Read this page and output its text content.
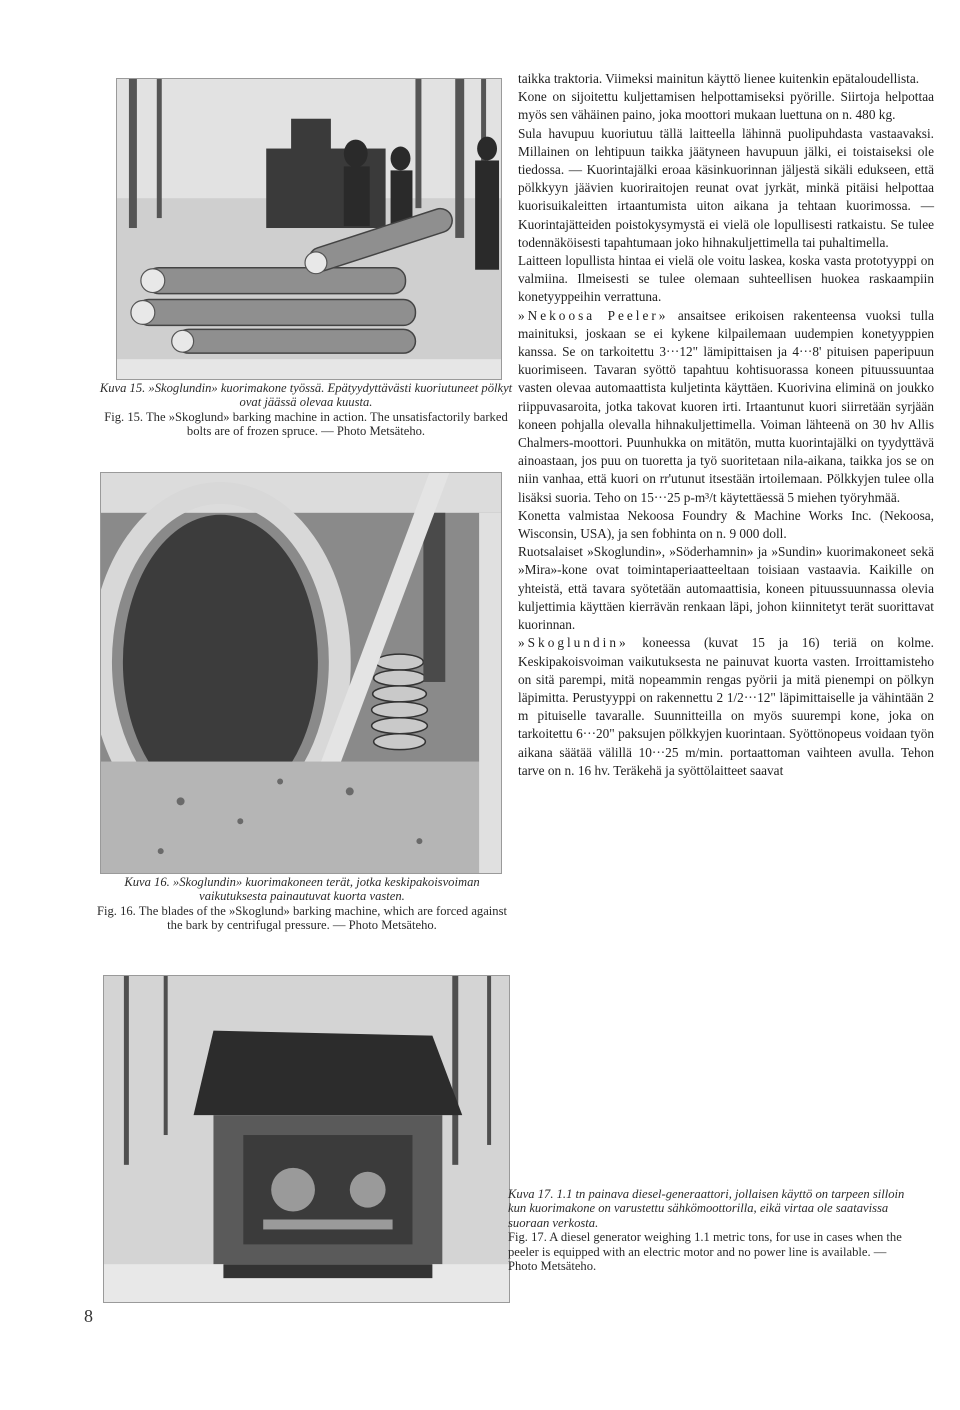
Kuva 15. »Skoglundin» kuorimakone työssä. Epätyydyttävästi kuoriutuneet pölkyt ovat jäässä olevaa kuusta.
Fig. 15. The »Skoglund» barking machine in action. The unsatisfactorily barked bolts are of frozen spruce. — Photo Metsäteho.
Kuva 16. »Skoglundin» kuorimakoneen terät, jotka keskipakoisvoiman vaikutuksesta painautuvat kuorta vasten.
Fig. 16. The blades of the »Skoglund» barking machine, which are forced against the bark by centrifugal pressure. — Photo Metsäteho.
Kuva 17. 1.1 tn painava diesel-generaattori, jollaisen käyttö on tarpeen silloin kun kuorimakone on varustettu sähkömoottorilla, eikä virtaa ole saatavissa suoraan verkosta.
Fig. 17. A diesel generator weighing 1.1 metric tons, for use in cases when the peeler is equipped with an electric motor and no power line is available. — Photo Metsäteho.

taikka traktoria. Viimeksi mainitun käyttö lienee kuitenkin epätaloudellista.

Kone on sijoitettu kuljettamisen helpottamiseksi pyörille. Siirtoja helpottaa myös sen vähäinen paino, joka moottori mukaan luettuna on n. 480 kg.

Sula havupuu kuoriutuu tällä laitteella lähinnä puolipuhdasta vastaavaksi. Millainen on lehtipuun taikka jäätyneen havupuun jälki, ei toistaiseksi ole tiedossa. — Kuorintajälki eroaa käsinkuorinnan jäljestä sikäli edukseen, että pölkkyyn jäävien kuoriraitojen reunat ovat jyrkät, minkä pitäisi helpottaa kuorisuikaleitten irtaantumista uiton aikana ja tehtaan kuorimossa. — Kuorintajätteiden poistokysymystä ei vielä ole lopullisesti ratkaistu. Se tulee todennäköisesti tapahtumaan joko hihnakuljettimella tai puhaltimella.

Laitteen lopullista hintaa ei vielä ole voitu laskea, koska vasta prototyyppi on valmiina. Ilmeisesti se tulee olemaan suhteellisen huokea raskaampiin konetyyppeihin verrattuna.

»Nekoosa Peeler» ansaitsee erikoisen rakenteensa vuoksi tulla mainituksi, joskaan se ei kykene kilpailemaan uudempien konetyyppien kanssa. Se on tarkoitettu 3···12" lämipittaisen ja 4···8' pituisen paperipuun kuorimiseen. Tavaran syöttö tapahtuu kohtisuorassa koneen pituussuuntaa vasten olevaa automaattista kuljetinta käyttäen. Kuorivina eliminä on joukko riippuvasaroita, jotka takovat kuoren irti. Irtaantunut kuori siirretään syrjään koneen pohjalla olevalla hihnakuljettimella. Voiman lähteenä on 30 hv Allis Chalmers-moottori. Puunhukka on mitätön, mutta kuorintajälki on tyydyttävä ainoastaan, jos puu on tuoretta ja työ suoritetaan nila-aikana, taikka jos se on niin vanhaa, että kuori on rr'utunut itsestään irtoilemaan. Pölkkyjen tulee olla lisäksi suoria. Teho on 15···25 p-m³/t käytettäessä 5 miehen työryhmää.

Konetta valmistaa Nekoosa Foundry & Machine Works Inc. (Nekoosa, Wisconsin, USA), ja sen fobhinta on n. 9 000 doll.

Ruotsalaiset »Skoglundin», »Söderhamnin» ja »Sundin» kuorimakoneet sekä »Mira»-kone ovat toimintaperiaatteeltaan toisiaan vastaavia. Kaikille on yhteistä, että tavara syötetään automaattisia, koneen pituussuunnassa olevia kuljettimia käyttäen kierrävän renkaan läpi, johon kiinnitetyt terät suorittavat kuorinnan.

»Skoglundin» koneessa (kuvat 15 ja 16) teriä on kolme. Keskipakoisvoiman vaikutuksesta ne painuvat kuorta vasten. Irroittamisteho on sitä parempi, mitä nopeammin rengas pyörii ja mitä pienempi on pölkyn läpimitta. Perustyyppi on rakennettu 2 1/2···12" läpimittaiselle ja vähintään 2 m pituiselle tavaralle. Suunnitteilla on myös suurempi kone, joka on tarkoitettu 6···20" paksujen pölkkyjen kuorintaan. Syöttönopeus voidaan työn aikana säätää välillä 10···25 m/min. portaattoman vaihteen avulla. Tehon tarve on n. 16 hv. Teräkehä ja syöttölaitteet saavat

8
